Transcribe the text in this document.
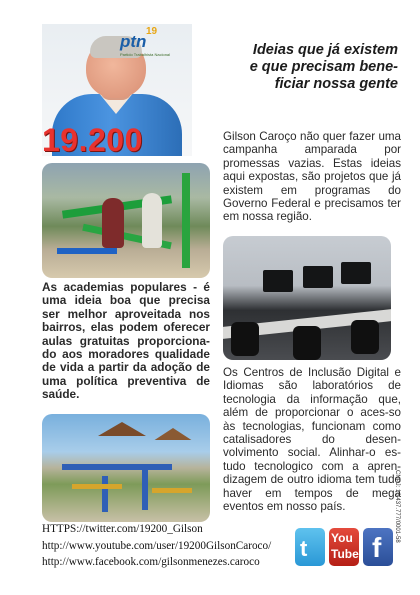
ptn
19
Partido Trabalhista Nacional
19.200
Ideias que já existem
e que precisam bene-
ficiar nossa gente
Gilson Caroço não quer fazer uma campanha amparada por promessas vazias. Estas ideias aqui expostas, são projetos que já existem em programas do Governo Federal e precisamos ter em nossa região.
As academias populares - é uma ideia boa que precisa ser melhor aproveitada nos bairros, elas podem oferecer aulas gratuitas proporciona-do aos moradores qualidade de vida a partir da adoção de uma política preventiva de saúde.
Os Centros de Inclusão Digital e Idiomas são laboratórios de tecnologia da informação que, além de proporcionar o aces-so às tecnologias, funcionam como catalisadores do desen-volvimento social. Alinhar-o es-tudo tecnologico com a apren-dizagem de outro idioma tem tudo haver em tempos de mega eventos em nosso país.
HTTPS://twitter.com/19200_Gilson
http://www.youtube.com/user/19200GilsonCaroco/
http://www.facebook.com/gilsonmenezes.caroco
t You
Tube f
CNPJ: 16.437.777/0001-58
